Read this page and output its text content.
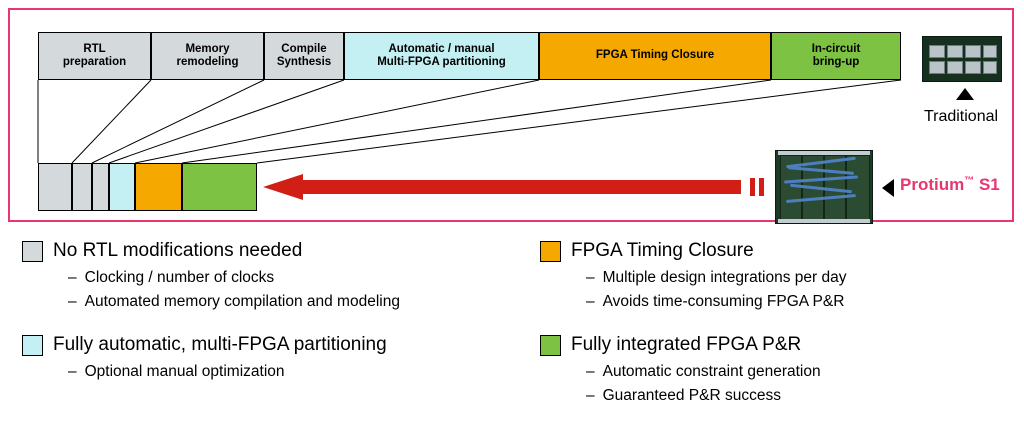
RTL
preparation
Memory
remodeling
Compile
Synthesis
Automatic / manual
Multi-FPGA partitioning
FPGA Timing Closure
In-circuit
bring-up
Traditional
Protium™ S1
No RTL modifications needed
– Clocking / number of clocks
– Automated memory compilation and modeling
Fully automatic, multi-FPGA partitioning
– Optional manual optimization
FPGA Timing Closure
– Multiple design integrations per day
– Avoids time-consuming FPGA P&R
Fully integrated FPGA P&R
– Automatic constraint generation
– Guaranteed P&R success
